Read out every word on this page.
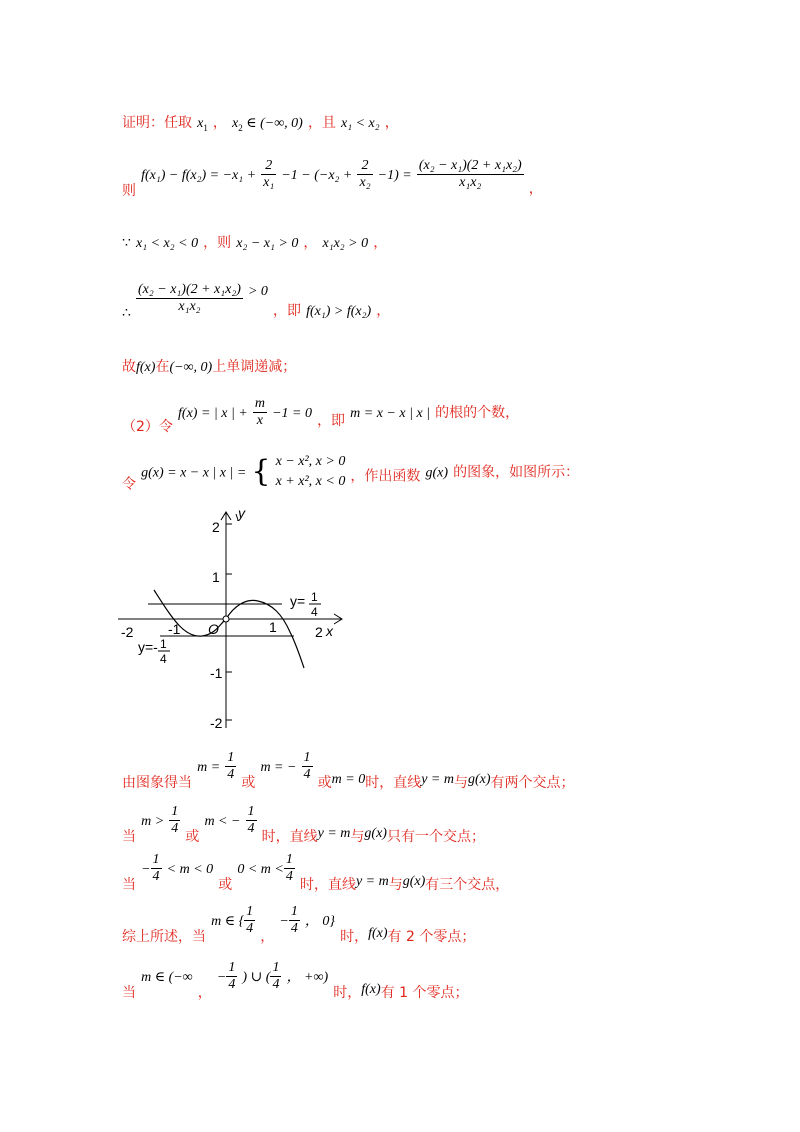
证明：任取 $x_1$ ， $x_2$ ∈ (−∞, 0) ，且 x₁ < x₂ ，
则 $f(x_1) - f(x_2) = -x_1 + \frac{2}{\text{x₁}} -1 - (-x_2 + \frac{2}{\text{x₂}} -1) = \frac{\text{(x₂ − x₁)(2 + x₁x₂)}}{\text{x₁x₂}}$ ，
∵ x₁ < x₂ < 0 ，则 x₂ − x₁ > 0 ， x₁x₂ > 0 ，
∴ $\frac{\text{(x₂ − x₁)(2 + x₁x₂)}}{\text{x₁x₂}} > 0$ ，即 f(x₁) > f(x₂) ，
故f(x)在(−∞, 0)上单调递减；
（2）令 f(x) = | x | + $\frac{m}{x} -1 = 0$ ，即 m = x − x | x | 的根的个数，
令 g(x) = x − x | x | = { x − x², x > 0
x + x², x < 0 ，作出函数 g(x) 的图象，如图所示：
y
x
2
1
-1
-2
-2 -1	1	2
O
y= 1
4
y=- 1
4
由图象得当 $m = \frac{1}{4}$ 或 m = − $\frac{1}{4}$ 或m = 0时，直线y = m与g(x)有两个交点；
当 $m > \frac{1}{4}$ 或 m < − $\frac{1}{4}$ 时，直线y = m与g(x)只有一个交点；
当 − $\frac{1}{4} < m < 0$ 或 $0 < m < \frac{1}{4}$ 时，直线y = m与g(x)有三个交点，
综上所述，当 m ∈ { $\frac{1}{4}$ ， − $\frac{1}{4}$ ， 0} 时，f(x)有 2 个零点；
当 m ∈ (−∞ ， − $\frac{1}{4}$ ) ∪ ( $\frac{1}{4}$ ， +∞) 时，f(x)有 1 个零点；
